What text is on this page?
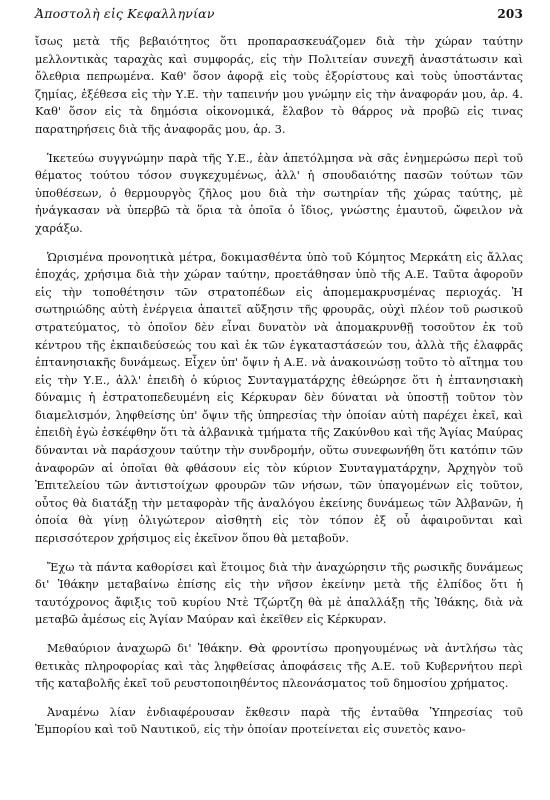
Ἀποστολὴ εἰς Κεφαλληνίαν	203

ἴσως μετὰ τῆς βεβαιότητος ὅτι προπαρασκευάζομεν διὰ τὴν χώραν ταύτην μελλοντικὰς ταραχὰς καὶ συμφοράς, εἰς τὴν Πολιτείαν συνεχῆ ἀναστάτωσιν καὶ ὄλεθρια πεπρωμένα. Καθ' ὅσον ἀφορᾷ εἰς τοὺς ἐξορίστους καὶ τοὺς ὑποστάντας ζημίας, ἐξέθεσα εἰς τὴν Υ.Ε. τὴν ταπεινήν μου γνώμην εἰς τὴν ἀναφοράν μου, ἀρ. 4. Καθ' ὅσον εἰς τὰ δημόσια οἰκονομικά, ἔλαβον τὸ θάρρος νὰ προβῶ εἰς τινας παρατηρήσεις διὰ τῆς ἀναφορᾶς μου, ἀρ. 3.

Ἱκετεύω συγγνώμην παρὰ τῆς Υ.Ε., ἐὰν ἀπετόλμησα νὰ σᾶς ἐνημερώσω περὶ τοῦ θέματος τούτου τόσον συγκεχυμένως, ἀλλ' ἡ σπουδαιότης πασῶν τούτων τῶν ὑποθέσεων, ὁ θερμουργὸς ζῆλος μου διὰ τὴν σωτηρίαν τῆς χώρας ταύτης, μὲ ἠνάγκασαν νὰ ὑπερβῶ τὰ ὅρια τὰ ὁποῖα ὁ ἴδιος, γνώστης ἐμαυτοῦ, ὤφειλον νὰ χαράξω.

Ὡρισμένα προνοητικὰ μέτρα, δοκιμασθέντα ὑπὸ τοῦ Κόμητος Μερκάτη εἰς ἄλλας ἐποχάς, χρήσιμα διὰ τὴν χώραν ταύτην, προετάθησαν ὑπὸ τῆς Α.Ε. Ταῦτα ἀφοροῦν εἰς τὴν τοποθέτησιν τῶν στρατοπέδων εἰς ἀπομεμακρυσμένας περιοχάς. Ἡ σωτηριώδης αὐτὴ ἐνέργεια ἀπαιτεῖ αὔξησιν τῆς φρουρᾶς, οὐχὶ πλέον τοῦ ρωσικοῦ στρατεύματος, τὸ ὁποῖον δὲν εἶναι δυνατὸν νὰ ἀπομακρυνθῇ τοσοῦτον ἐκ τοῦ κέντρου τῆς ἐκπαιδεύσεώς του καὶ ἐκ τῶν ἐγκαταστάσεών του, ἀλλὰ τῆς ἐλαφρᾶς ἐπτανησιακῆς δυνάμεως. Εἶχεν ὑπ' ὄψιν ἡ Α.Ε. νὰ ἀνακοινώσῃ τοῦτο τὸ αἴτημα του εἰς τὴν Υ.Ε., ἀλλ' ἐπειδὴ ὁ κύριος Συνταγματάρχης ἐθεώρησε ὅτι ἡ ἐπτανησιακὴ δύναμις ἡ ἐστρατοπεδευμένη εἰς Κέρκυραν δὲν δύναται νὰ ὑποστῇ τοῦτον τὸν διαμελισμόν, ληφθείσης ὑπ' ὄψιν τῆς ὑπηρεσίας τὴν ὁποίαν αὐτὴ παρέχει ἐκεῖ, καὶ ἐπειδὴ ἐγὼ ἐσκέφθην ὅτι τὰ ἀλβανικὰ τμήματα τῆς Ζακύνθου καὶ τῆς Ἁγίας Μαύρας δύνανται νὰ παράσχουν ταύτην τὴν συνδρομήν, οὕτω συνεφωνήθη ὅτι κατόπιν τῶν ἀναφορῶν αἱ ὁποῖαι θὰ φθάσουν εἰς τὸν κύριον Συνταγματάρχην, Ἀρχηγὸν τοῦ Ἐπιτελείου τῶν ἀντιστοίχων φρουρῶν τῶν νήσων, τῶν ὑπαγομένων εἰς τοῦτον, οὗτος θὰ διατάξῃ τὴν μεταφορὰν τῆς ἀναλόγου ἐκείνης δυνάμεως τῶν Ἀλβανῶν, ἡ ὁποία θὰ γίνῃ ὀλιγώτερον αἰσθητὴ εἰς τὸν τόπον ἐξ οὗ ἀφαιροῦνται καὶ περισσότερον χρήσιμος εἰς ἐκεῖνον ὅπου θὰ μεταβοῦν.

Ἔχω τὰ πάντα καθορίσει καὶ ἕτοιμος διὰ τὴν ἀναχώρησιν τῆς ρωσικῆς δυνάμεως δι' Ἰθάκην μεταβαίνω ἐπίσης εἰς τὴν νῆσον ἐκείνην μετὰ τῆς ἐλπίδος ὅτι ἡ ταυτόχρονος ἄφιξις τοῦ κυρίου Ντὲ Τζώρτζη θὰ μὲ ἀπαλλάξῃ τῆς Ἰθάκης, διὰ νὰ μεταβῶ ἀμέσως εἰς Ἁγίαν Μαύραν καὶ ἐκεῖθεν εἰς Κέρκυραν.

Μεθαύριον ἀναχωρῶ δι' Ἰθάκην. Θὰ φροντίσω προηγουμένως νὰ ἀντλήσω τὰς θετικὰς πληροφορίας καὶ τὰς ληφθείσας ἀποφάσεις τῆς Α.Ε. τοῦ Κυβερνήτου περὶ τῆς καταβολῆς ἐκεῖ τοῦ ρευστοποιηθέντος πλεονάσματος τοῦ δημοσίου χρήματος.

Ἀναμένω λίαν ἐνδιαφέρουσαν ἔκθεσιν παρὰ τῆς ἐνταῦθα Ὑπηρεσίας τοῦ Ἐμπορίου καὶ τοῦ Ναυτικοῦ, εἰς τὴν ὁποίαν προτείνεται εἰς συνετὸς κανο-
